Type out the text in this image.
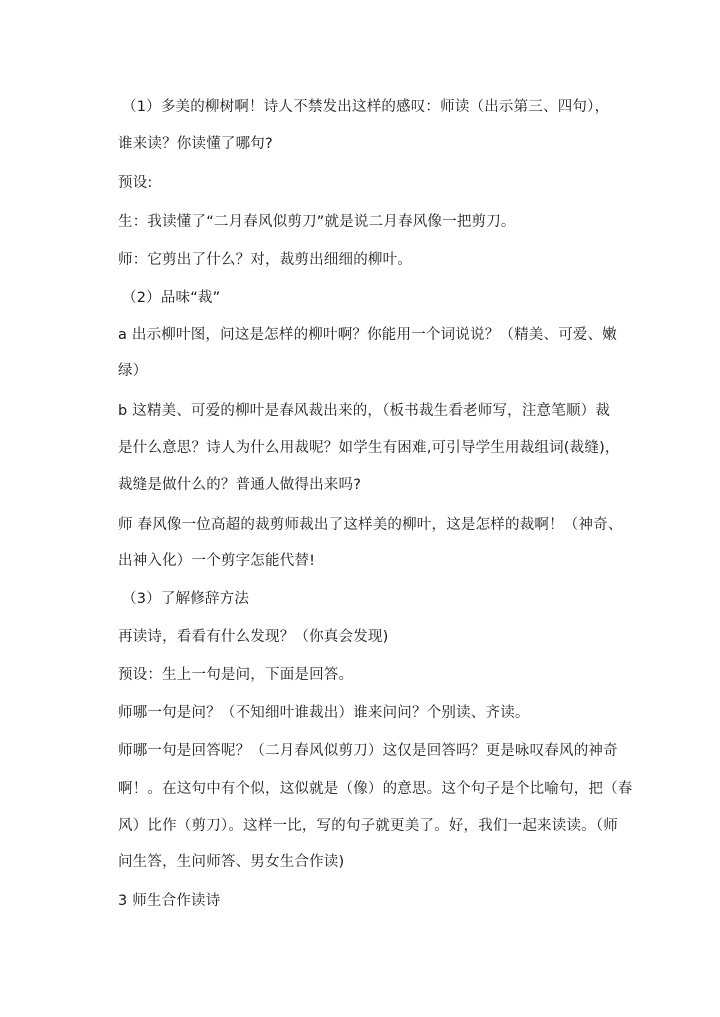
（1）多美的柳树啊！诗人不禁发出这样的感叹：师读（出示第三、四句），
谁来读？你读懂了哪句?
预设:
生：我读懂了“二月春风似剪刀”就是说二月春风像一把剪刀。
师：它剪出了什么？对，裁剪出细细的柳叶。
（2）品味“裁”
a 出示柳叶图，问这是怎样的柳叶啊？你能用一个词说说？（精美、可爱、嫩
绿）
b 这精美、可爱的柳叶是春风裁出来的，（板书裁生看老师写，注意笔顺）裁
是什么意思？诗人为什么用裁呢？如学生有困难,可引导学生用裁组词(裁缝)，
裁缝是做什么的？普通人做得出来吗?
师 春风像一位高超的裁剪师裁出了这样美的柳叶，这是怎样的裁啊！（神奇、
出神入化）一个剪字怎能代替!
（3）了解修辞方法
再读诗，看看有什么发现？（你真会发现)
预设：生上一句是问，下面是回答。
师哪一句是问？（不知细叶谁裁出）谁来问问？个别读、齐读。
师哪一句是回答呢？（二月春风似剪刀）这仅是回答吗？更是咏叹春风的神奇
啊！。在这句中有个似，这似就是（像）的意思。这个句子是个比喻句，把（春
风）比作（剪刀）。这样一比，写的句子就更美了。好，我们一起来读读。（师
问生答，生问师答、男女生合作读)
3 师生合作读诗
